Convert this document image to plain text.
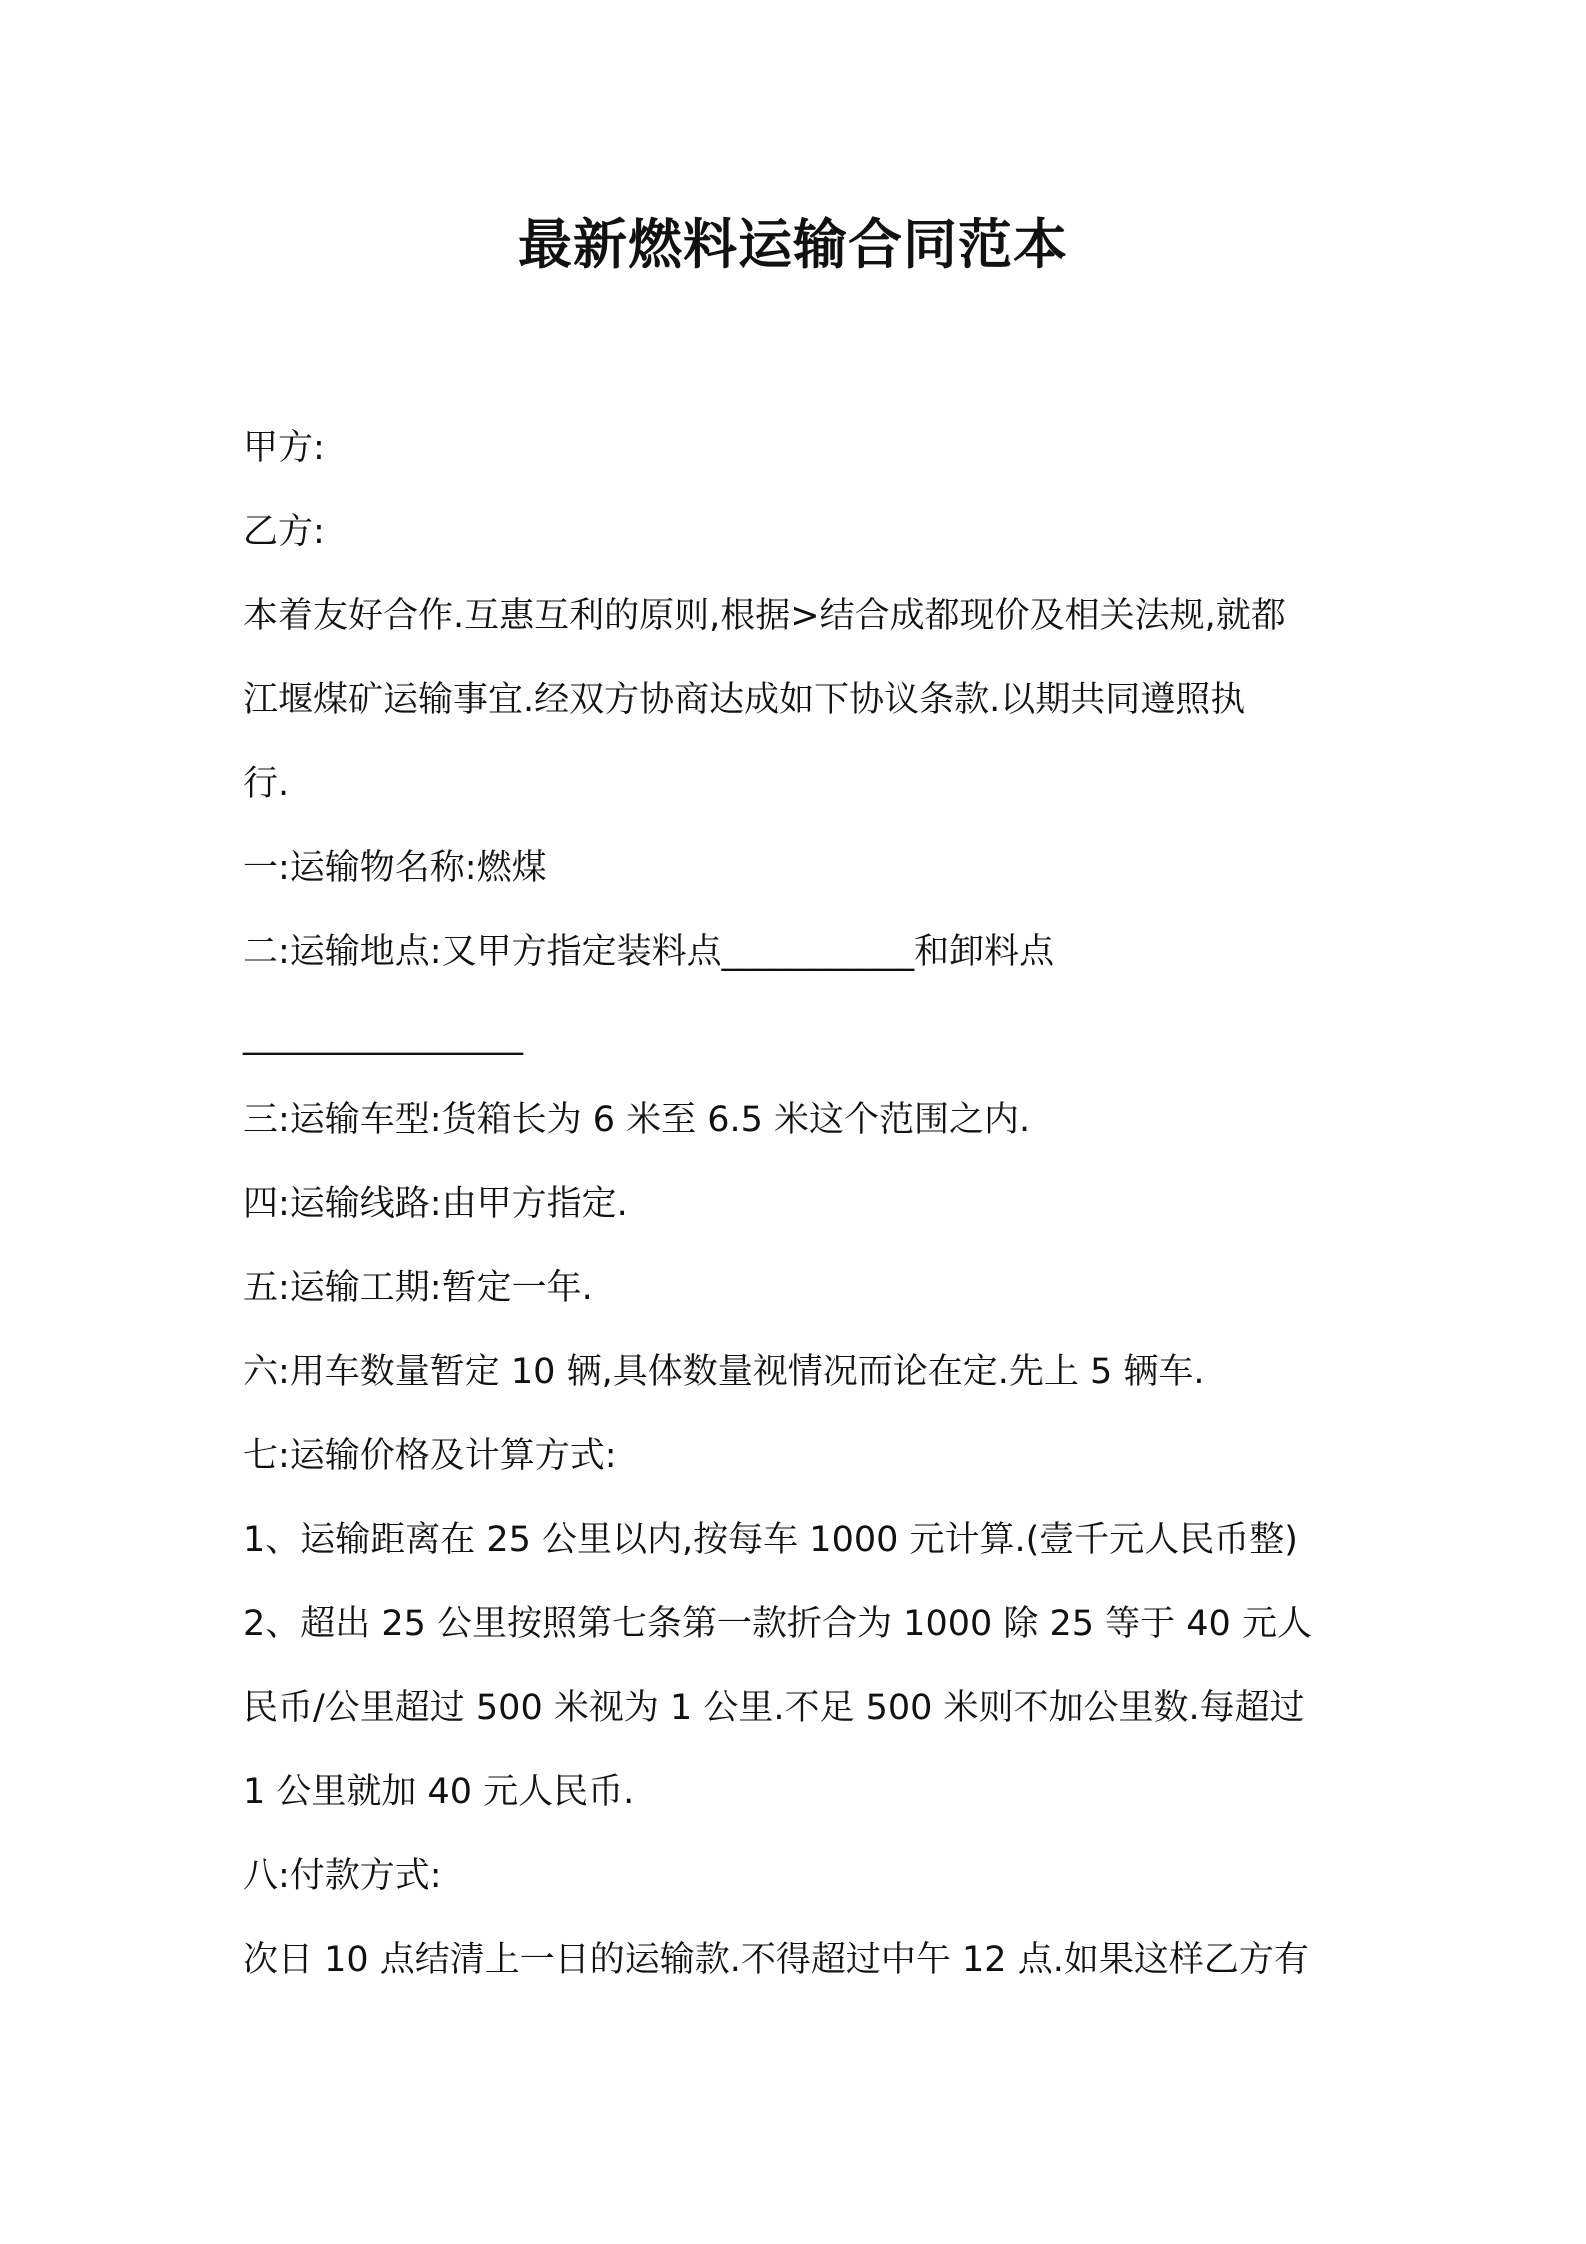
最新燃料运输合同范本
甲方:
乙方:
本着友好合作.互惠互利的原则,根据>结合成都现价及相关法规,就都
江堰煤矿运输事宜.经双方协商达成如下协议条款.以期共同遵照执
行.
一:运输物名称:燃煤
二:运输地点:又甲方指定装料点___________和卸料点
________________
三:运输车型:货箱长为 6 米至 6.5 米这个范围之内.
四:运输线路:由甲方指定.
五:运输工期:暂定一年.
六:用车数量暂定 10 辆,具体数量视情况而论在定.先上 5 辆车.
七:运输价格及计算方式:
1、运输距离在 25 公里以内,按每车 1000 元计算.(壹千元人民币整)
2、超出 25 公里按照第七条第一款折合为 1000 除 25 等于 40 元人
民币/公里超过 500 米视为 1 公里.不足 500 米则不加公里数.每超过
1 公里就加 40 元人民币.
八:付款方式:
次日 10 点结清上一日的运输款.不得超过中午 12 点.如果这样乙方有
